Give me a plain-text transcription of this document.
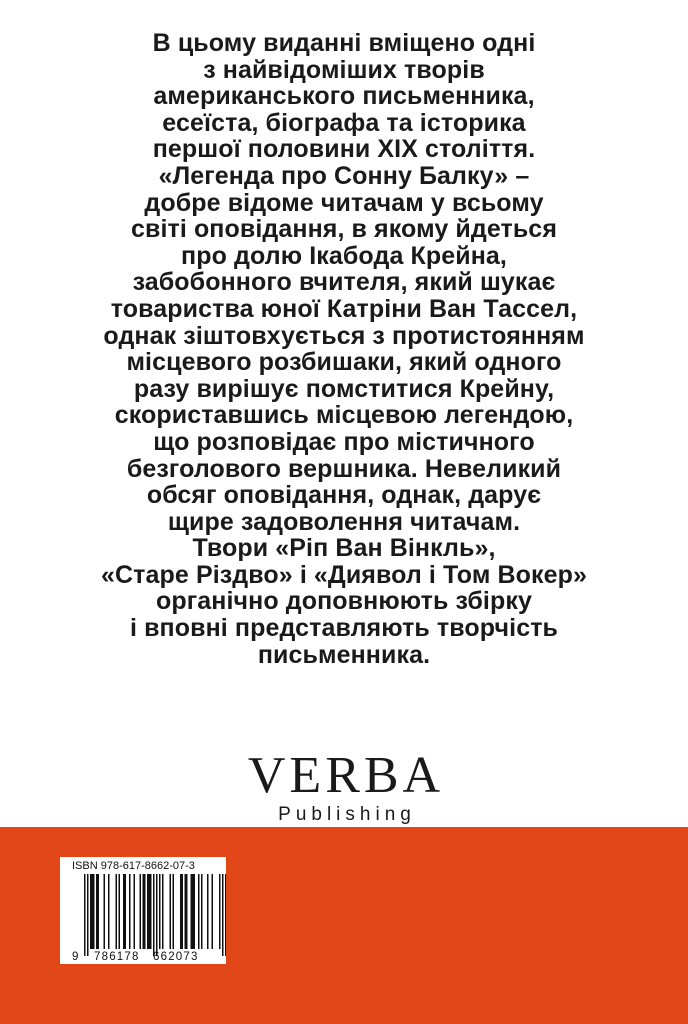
В цьому виданні вміщено одні
з найвідоміших творів
американського письменника,
есеїста, біографа та історика
першої половини XIX століття.
«Легенда про Сонну Балку» –
добре відоме читачам у всьому
світі оповідання, в якому йдеться
про долю Ікабода Крейна,
забобонного вчителя, який шукає
товариства юної Катріни Ван Тассел,
однак зіштовхується з протистоянням
місцевого розбишаки, який одного
разу вирішує помститися Крейну,
скориставшись місцевою легендою,
що розповідає про містичного
безголового вершника. Невеликий
обсяг оповідання, однак, дарує
щире задоволення читачам.
Твори «Ріп Ван Вінкль»,
«Старе Різдво» і «Диявол і Том Вокер»
органічно доповнюють збірку
і вповні представляють творчість
письменника.
VERBA
Publishing
ISBN 978-617-8662-07-3
9 786178 662073
